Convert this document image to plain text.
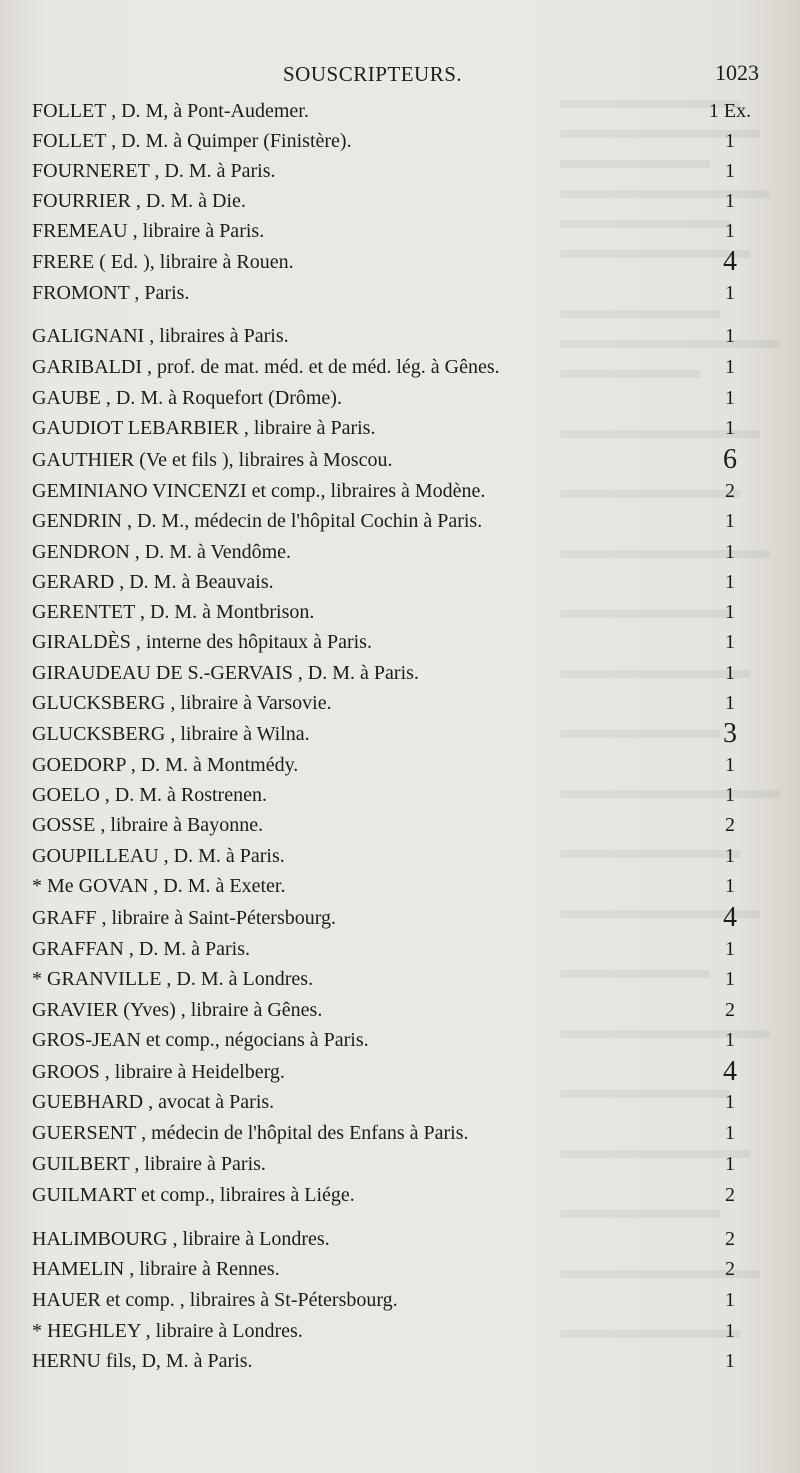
SOUSCRIPTEURS.	1023
FOLLET , D. M, à Pont-Audemer.	1 Ex.
FOLLET , D. M. à Quimper (Finistère).	1
FOURNERET , D. M. à Paris.	1
FOURRIER , D. M. à Die.	1
FREMEAU , libraire à Paris.	1
FRERE ( Ed. ), libraire à Rouen.	4
FROMONT , Paris.	1
GALIGNANI , libraires à Paris.	1
GARIBALDI , prof. de mat. méd. et de méd. lég. à Gênes.	1
GAUBE , D. M. à Roquefort (Drôme).	1
GAUDIOT LEBARBIER , libraire à Paris.	1
GAUTHIER (Ve et fils ), libraires à Moscou.	6
GEMINIANO VINCENZI et comp., libraires à Modène.	2
GENDRIN , D. M., médecin de l'hôpital Cochin à Paris.	1
GENDRON , D. M. à Vendôme.	1
GERARD , D. M. à Beauvais.	1
GERENTET , D. M. à Montbrison.	1
GIRALDÈS , interne des hôpitaux à Paris.	1
GIRAUDEAU DE S.-GERVAIS , D. M. à Paris.	1
GLUCKSBERG , libraire à Varsovie.	1
GLUCKSBERG , libraire à Wilna.	3
GOEDORP , D. M. à Montmédy.	1
GOELO , D. M. à Rostrenen.	1
GOSSE , libraire à Bayonne.	2
GOUPILLEAU , D. M. à Paris.	1
* Me GOVAN , D. M. à Exeter.	1
GRAFF , libraire à Saint-Pétersbourg.	4
GRAFFAN , D. M. à Paris.	1
* GRANVILLE , D. M. à Londres.	1
GRAVIER (Yves) , libraire à Gênes.	2
GROS-JEAN et comp., négocians à Paris.	1
GROOS , libraire à Heidelberg.	4
GUEBHARD , avocat à Paris.	1
GUERSENT , médecin de l'hôpital des Enfans à Paris.	1
GUILBERT , libraire à Paris.	1
GUILMART et comp., libraires à Liége.	2
HALIMBOURG , libraire à Londres.	2
HAMELIN , libraire à Rennes.	2
HAUER et comp. , libraires à St-Pétersbourg.	1
* HEGHLEY , libraire à Londres.	1
HERNU fils, D, M. à Paris.	1
